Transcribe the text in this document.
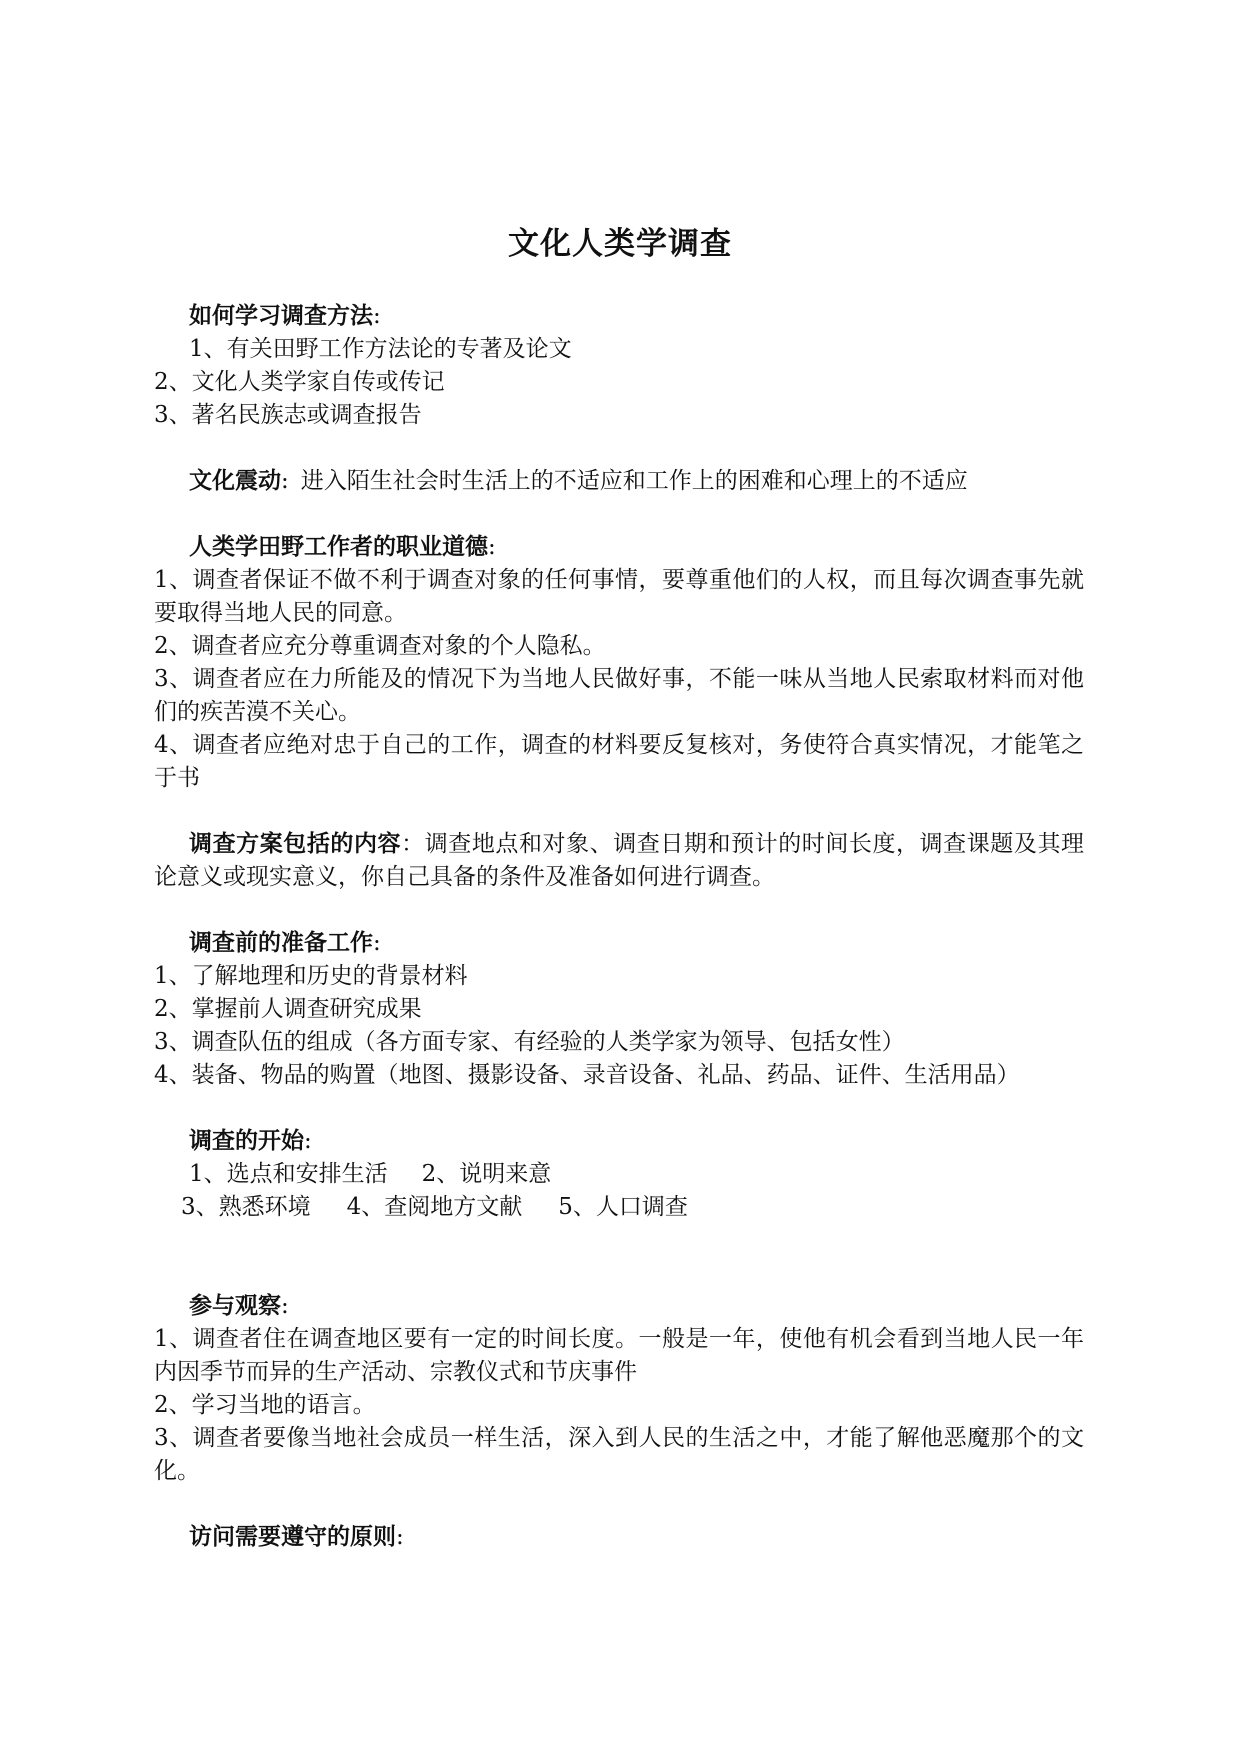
文化人类学调查
如何学习调查方法:
1、有关田野工作方法论的专著及论文
2、文化人类学家自传或传记
3、著名民族志或调查报告
文化震动: 进入陌生社会时生活上的不适应和工作上的困难和心理上的不适应
人类学田野工作者的职业道德:
1、调查者保证不做不利于调查对象的任何事情，要尊重他们的人权，而且每次调查事先就要取得当地人民的同意。
2、调查者应充分尊重调查对象的个人隐私。
3、调查者应在力所能及的情况下为当地人民做好事，不能一味从当地人民索取材料而对他们的疾苦漠不关心。
4、调查者应绝对忠于自己的工作，调查的材料要反复核对，务使符合真实情况，才能笔之于书
调查方案包括的内容：调查地点和对象、调查日期和预计的时间长度，调查课题及其理论意义或现实意义，你自己具备的条件及准备如何进行调查。
调查前的准备工作:
1、了解地理和历史的背景材料
2、掌握前人调查研究成果
3、调查队伍的组成（各方面专家、有经验的人类学家为领导、包括女性）
4、装备、物品的购置（地图、摄影设备、录音设备、礼品、药品、证件、生活用品）
调查的开始:
1、选点和安排生活 2、说明来意
3、熟悉环境 4、查阅地方文献 5、人口调查
参与观察:
1、调查者住在调查地区要有一定的时间长度。一般是一年，使他有机会看到当地人民一年内因季节而异的生产活动、宗教仪式和节庆事件
2、学习当地的语言。
3、调查者要像当地社会成员一样生活，深入到人民的生活之中，才能了解他恶魔那个的文化。
访问需要遵守的原则:
